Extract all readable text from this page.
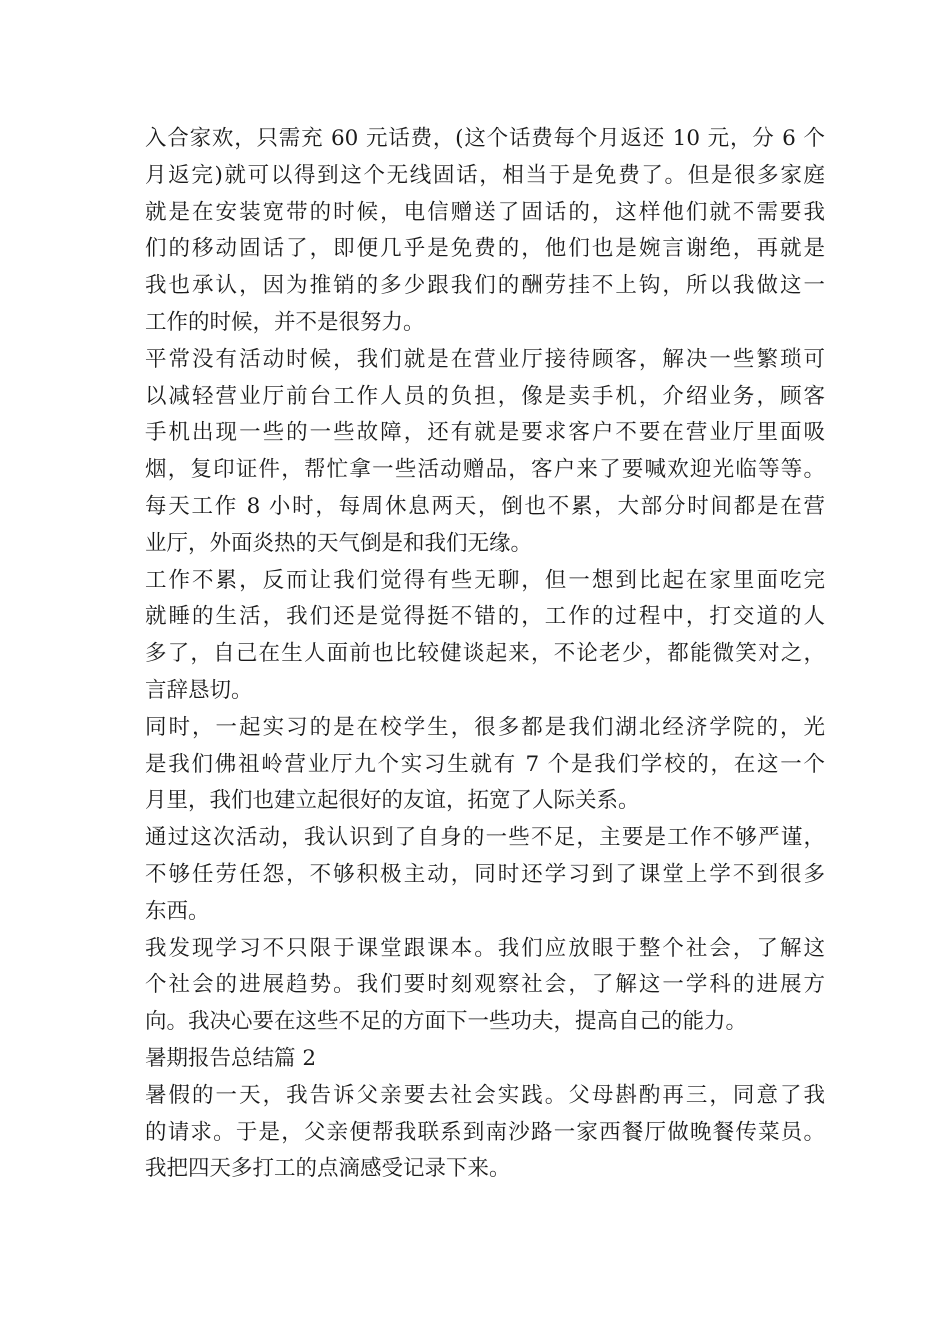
入合家欢，只需充 60 元话费，(这个话费每个月返还 10 元，分 6 个
月返完)就可以得到这个无线固话，相当于是免费了。但是很多家庭
就是在安装宽带的时候，电信赠送了固话的，这样他们就不需要我
们的移动固话了，即便几乎是免费的，他们也是婉言谢绝，再就是
我也承认，因为推销的多少跟我们的酬劳挂不上钩，所以我做这一
工作的时候，并不是很努力。
平常没有活动时候，我们就是在营业厅接待顾客，解决一些繁琐可
以减轻营业厅前台工作人员的负担，像是卖手机，介绍业务，顾客
手机出现一些的一些故障，还有就是要求客户不要在营业厅里面吸
烟，复印证件，帮忙拿一些活动赠品，客户来了要喊欢迎光临等等。
每天工作 8 小时，每周休息两天，倒也不累，大部分时间都是在营
业厅，外面炎热的天气倒是和我们无缘。
工作不累，反而让我们觉得有些无聊，但一想到比起在家里面吃完
就睡的生活，我们还是觉得挺不错的，工作的过程中，打交道的人
多了，自己在生人面前也比较健谈起来，不论老少，都能微笑对之，
言辞恳切。
同时，一起实习的是在校学生，很多都是我们湖北经济学院的，光
是我们佛祖岭营业厅九个实习生就有 7 个是我们学校的，在这一个
月里，我们也建立起很好的友谊，拓宽了人际关系。
通过这次活动，我认识到了自身的一些不足，主要是工作不够严谨，
不够任劳任怨，不够积极主动，同时还学习到了课堂上学不到很多
东西。
我发现学习不只限于课堂跟课本。我们应放眼于整个社会，了解这
个社会的进展趋势。我们要时刻观察社会，了解这一学科的进展方
向。我决心要在这些不足的方面下一些功夫，提高自己的能力。
暑期报告总结篇 2
暑假的一天，我告诉父亲要去社会实践。父母斟酌再三，同意了我
的请求。于是，父亲便帮我联系到南沙路一家西餐厅做晚餐传菜员。
我把四天多打工的点滴感受记录下来。
